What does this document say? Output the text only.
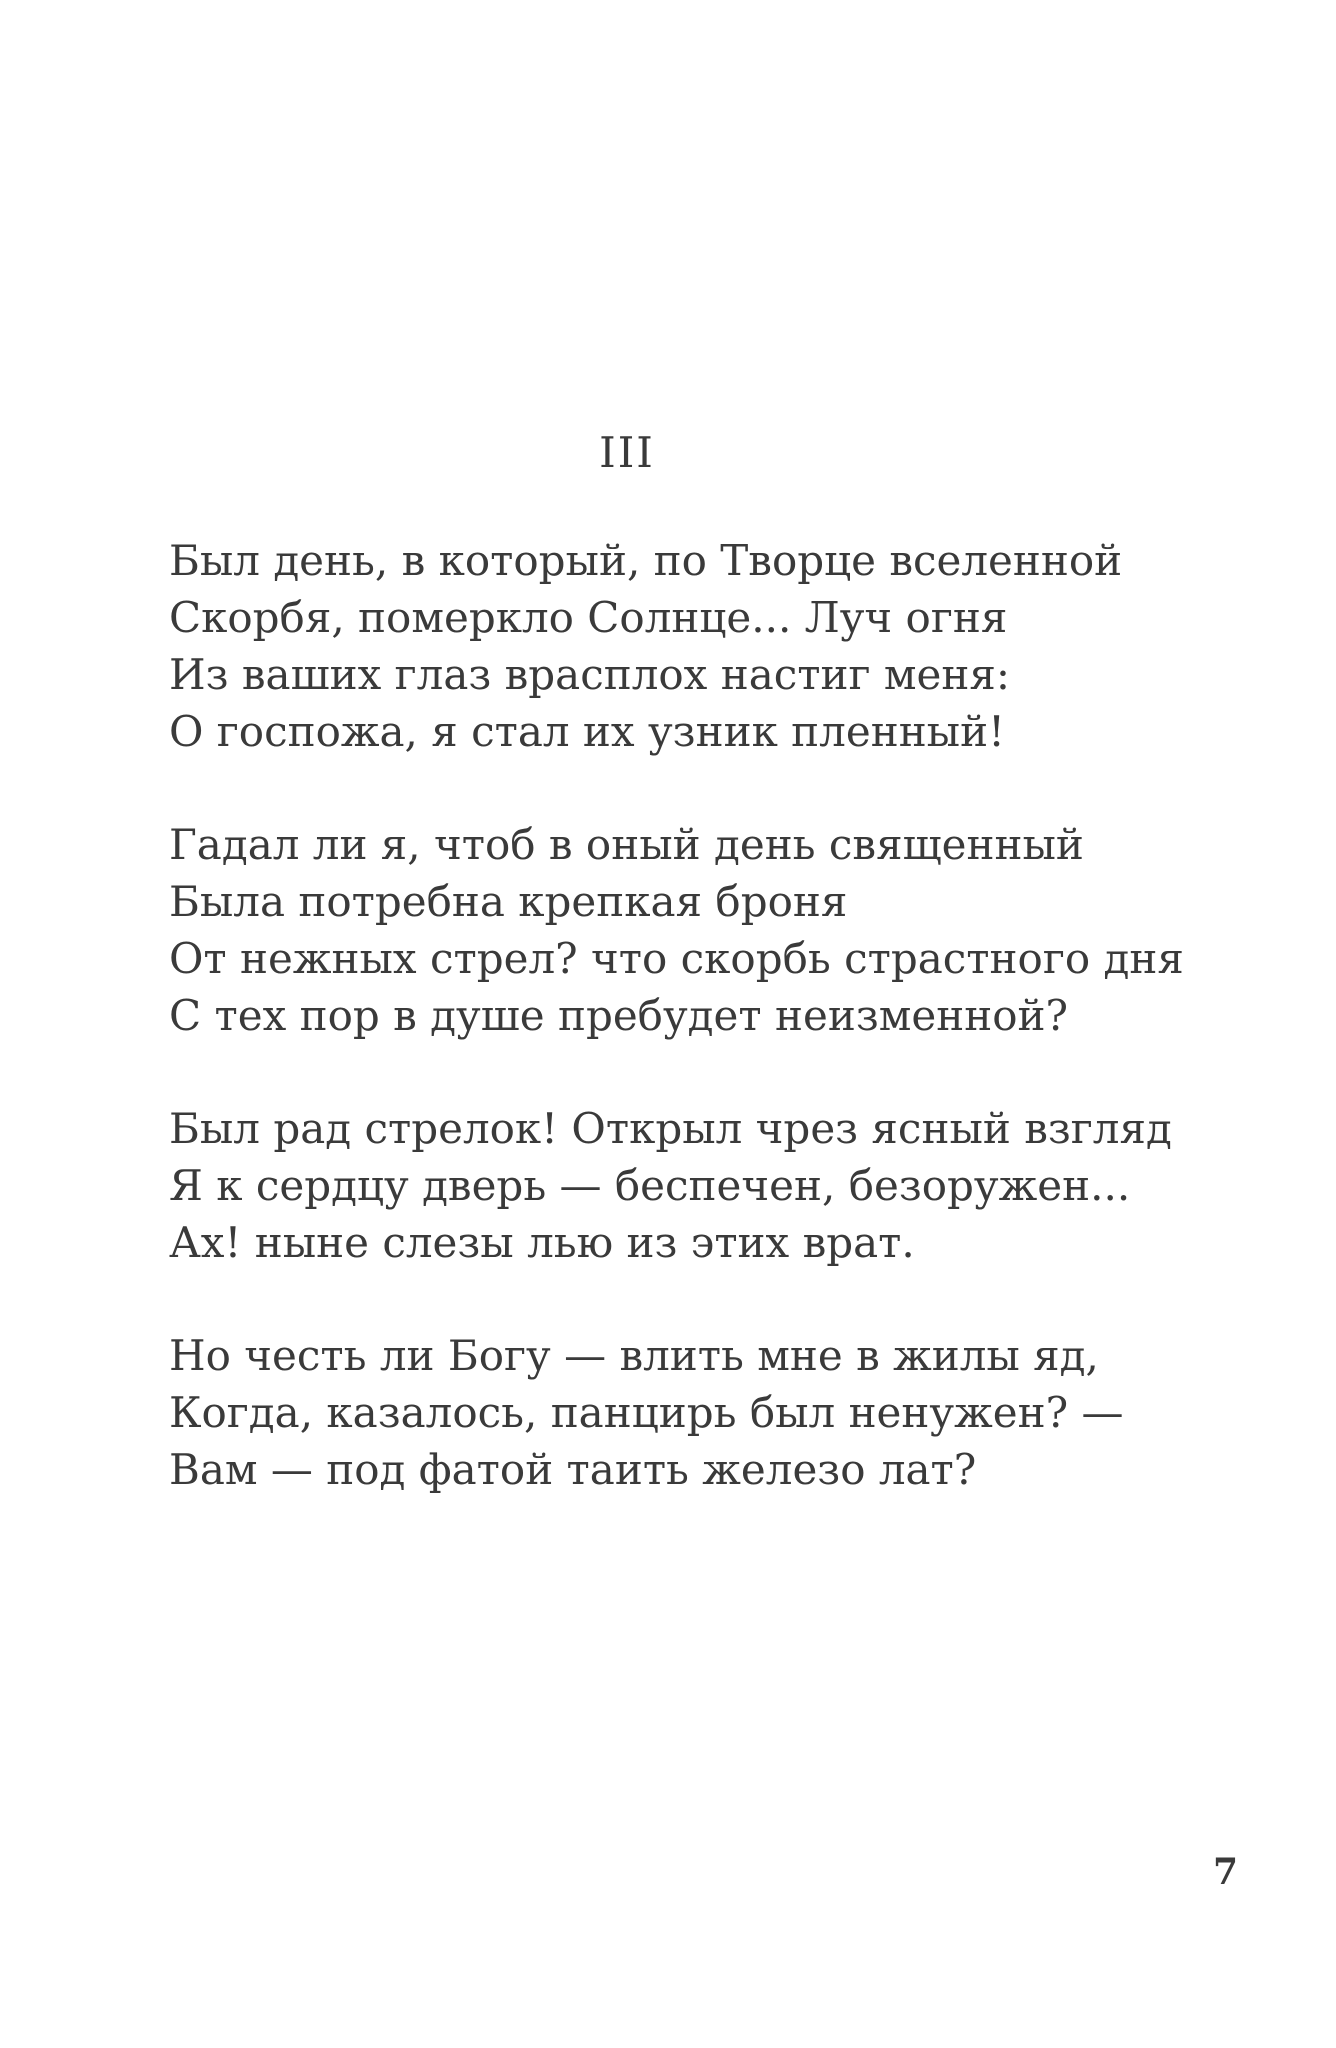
III
Был день, в который, по Творце вселенной
Скорбя, померкло Солнце... Луч огня
Из ваших глаз врасплох настиг меня:
О госпожа, я стал их узник пленный!
Гадал ли я, чтоб в оный день священный
Была потребна крепкая броня
От нежных стрел? что скорбь страстного дня
С тех пор в душе пребудет неизменной?
Был рад стрелок! Открыл чрез ясный взгляд
Я к сердцу дверь — беспечен, безоружен...
Ах! ныне слезы лью из этих врат.
Но честь ли Богу — влить мне в жилы яд,
Когда, казалось, панцирь был ненужен? —
Вам — под фатой таить железо лат?
7
